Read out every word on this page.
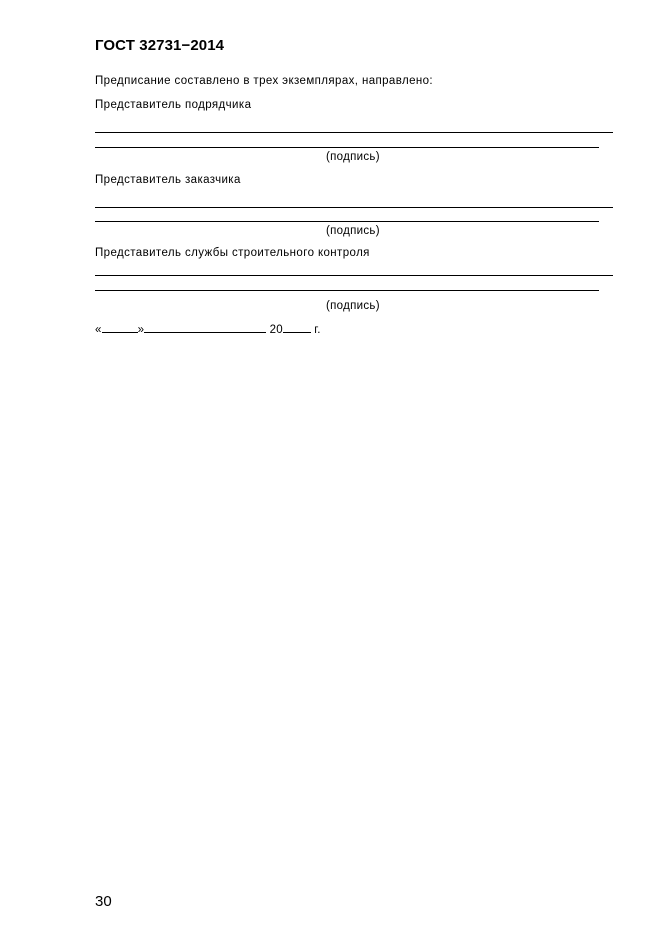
ГОСТ 32731−2014
Предписание составлено в трех экземплярах, направлено:
Представитель подрядчика
(подпись)
Представитель заказчика
(подпись)
Представитель службы строительного контроля
(подпись)
«	»	20	г.
30
